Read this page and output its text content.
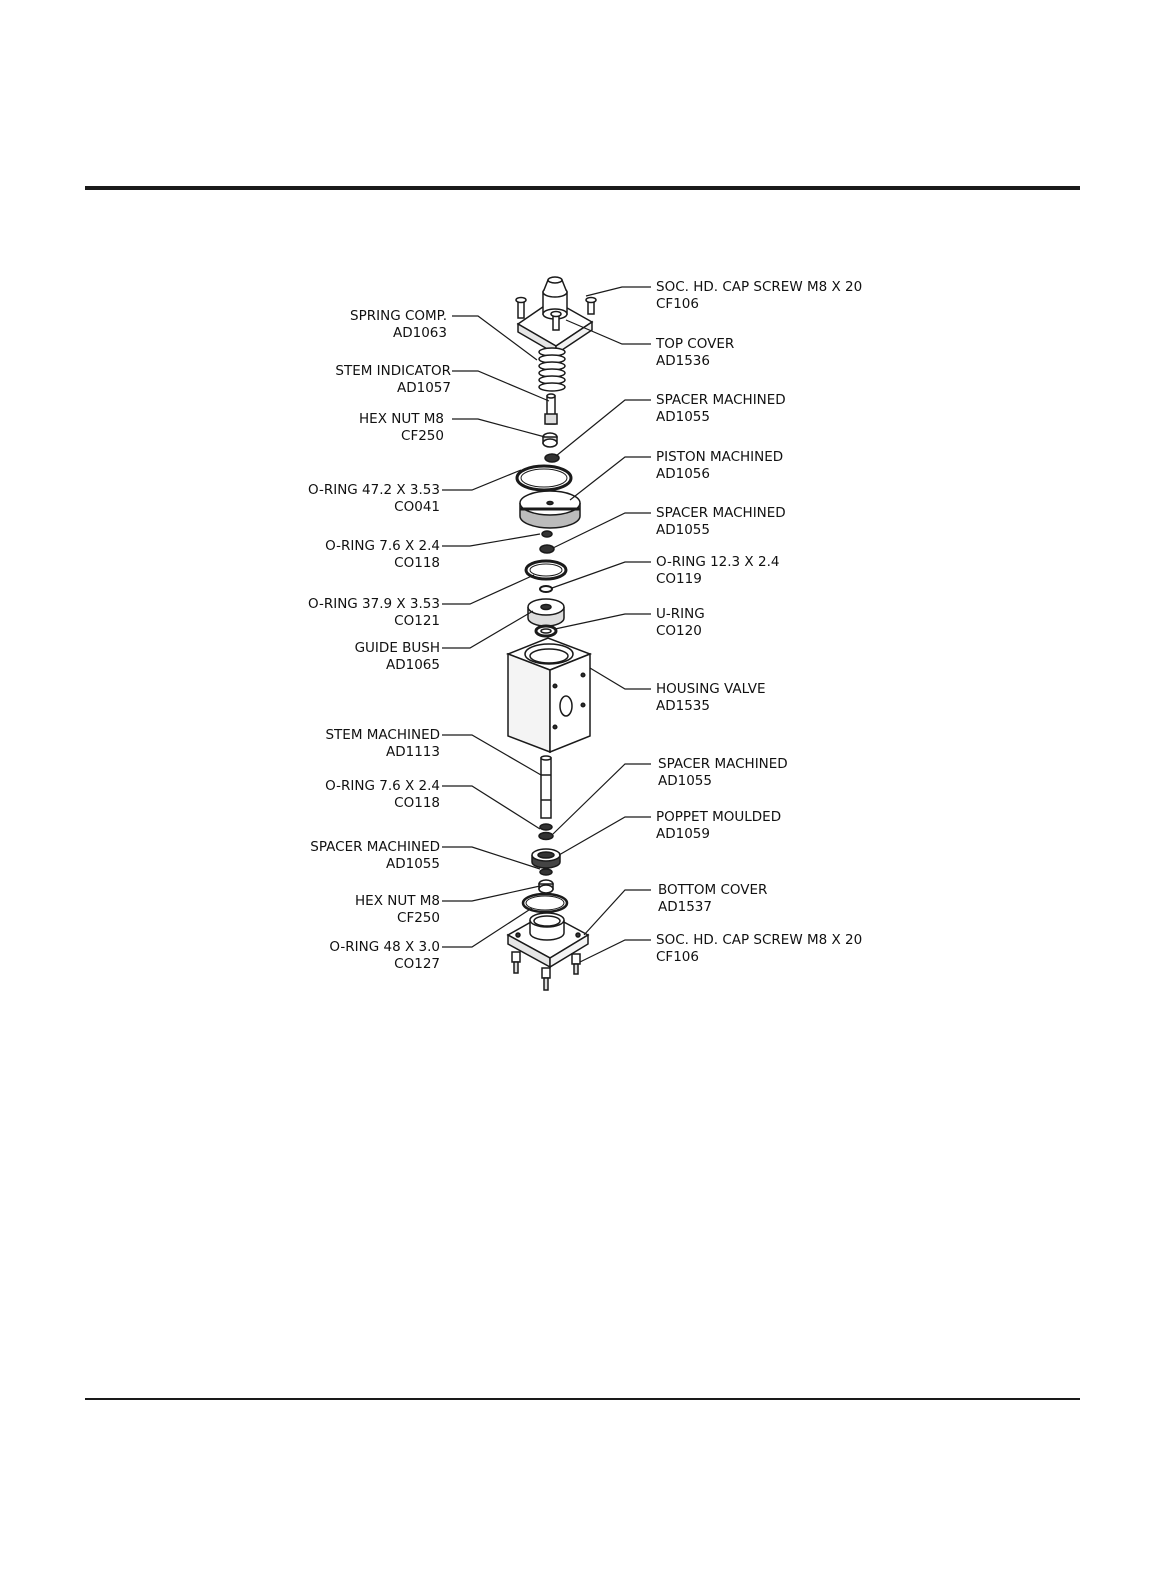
SPRING COMP.
AD1063
STEM INDICATOR
AD1057
HEX NUT M8
CF250
O-RING 47.2 X 3.53
CO041
O-RING 7.6 X 2.4
CO118
O-RING 37.9 X 3.53
CO121
GUIDE BUSH
AD1065
STEM MACHINED
AD1113
O-RING 7.6 X 2.4
CO118
SPACER MACHINED
AD1055
HEX NUT M8
CF250
O-RING 48 X 3.0
CO127
SOC. HD. CAP SCREW M8 X 20
CF106
TOP COVER
AD1536
SPACER MACHINED
AD1055
PISTON MACHINED
AD1056
SPACER MACHINED
AD1055
O-RING 12.3 X 2.4
CO119
U-RING
CO120
HOUSING VALVE
AD1535
SPACER MACHINED
AD1055
POPPET MOULDED
AD1059
BOTTOM COVER
AD1537
SOC. HD. CAP SCREW M8 X 20
CF106
